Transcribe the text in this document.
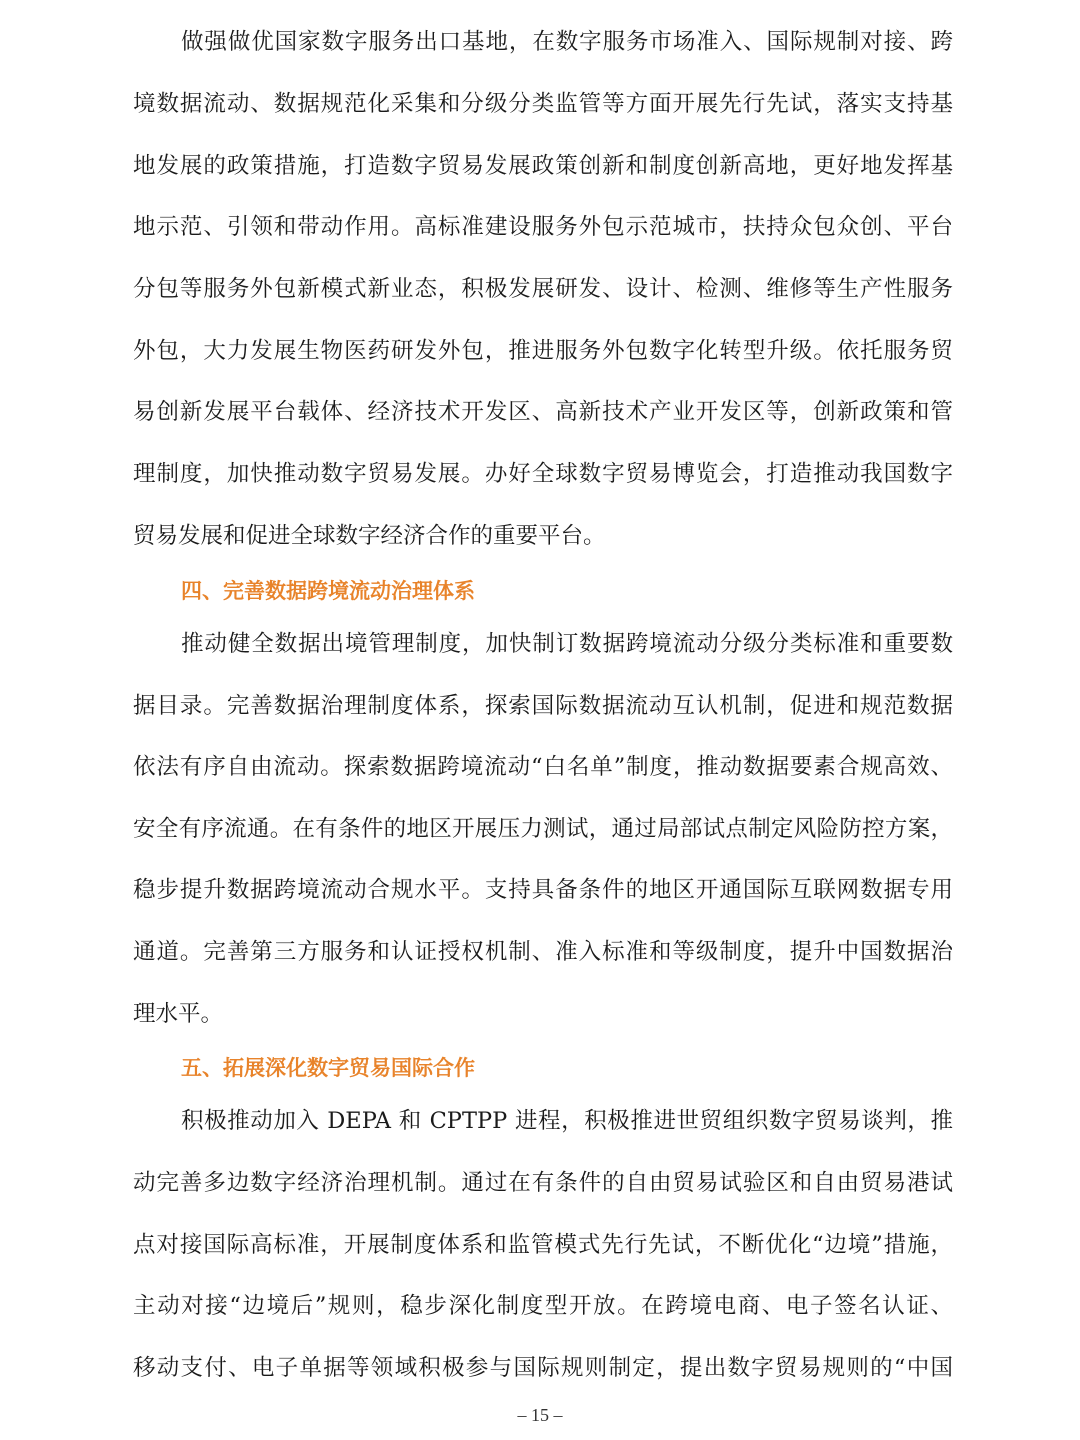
做强做优国家数字服务出口基地，在数字服务市场准入、国际规制对接、跨
境数据流动、数据规范化采集和分级分类监管等方面开展先行先试，落实支持基
地发展的政策措施，打造数字贸易发展政策创新和制度创新高地，更好地发挥基
地示范、引领和带动作用。高标准建设服务外包示范城市，扶持众包众创、平台
分包等服务外包新模式新业态，积极发展研发、设计、检测、维修等生产性服务
外包，大力发展生物医药研发外包，推进服务外包数字化转型升级。依托服务贸
易创新发展平台载体、经济技术开发区、高新技术产业开发区等，创新政策和管
理制度，加快推动数字贸易发展。办好全球数字贸易博览会，打造推动我国数字
贸易发展和促进全球数字经济合作的重要平台。
四、完善数据跨境流动治理体系
推动健全数据出境管理制度，加快制订数据跨境流动分级分类标准和重要数
据目录。完善数据治理制度体系，探索国际数据流动互认机制，促进和规范数据
依法有序自由流动。探索数据跨境流动“白名单”制度，推动数据要素合规高效、
安全有序流通。在有条件的地区开展压力测试，通过局部试点制定风险防控方案，
稳步提升数据跨境流动合规水平。支持具备条件的地区开通国际互联网数据专用
通道。完善第三方服务和认证授权机制、准入标准和等级制度，提升中国数据治
理水平。
五、拓展深化数字贸易国际合作
积极推动加入 DEPA 和 CPTPP 进程，积极推进世贸组织数字贸易谈判，推
动完善多边数字经济治理机制。通过在有条件的自由贸易试验区和自由贸易港试
点对接国际高标准，开展制度体系和监管模式先行先试，不断优化“边境”措施，
主动对接“边境后”规则，稳步深化制度型开放。在跨境电商、电子签名认证、
移动支付、电子单据等领域积极参与国际规则制定，提出数字贸易规则的“中国
– 15 –
